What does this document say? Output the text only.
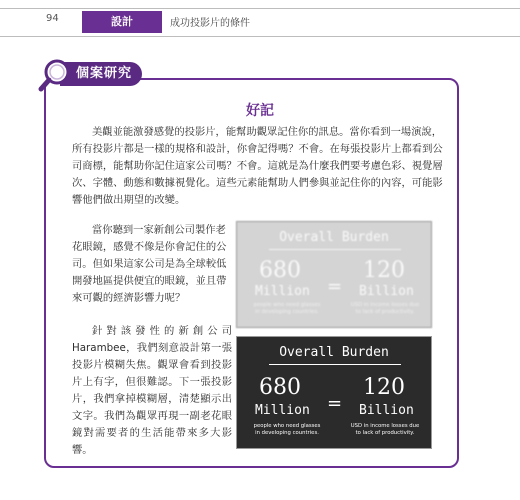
94	設計	成功投影片的條件
個案研究
好記

美觀並能激發感覺的投影片，能幫助觀眾記住你的訊息。當你看到一場演說，所有投影片都是一樣的規格和設計，你會記得嗎？不會。在每張投影片上都看到公司商標，能幫助你記住這家公司嗎？不會。這就是為什麼我們要考慮色彩、視覺層次、字體、動態和數據視覺化。這些元素能幫助人們參與並記住你的內容，可能影響他們做出期望的改變。

當你聽到一家新創公司製作老花眼鏡，感覺不像是你會記住的公司。但如果這家公司是為全球較低開發地區提供便宜的眼鏡，並且帶來可觀的經濟影響力呢？

針對該發性的新創公司Harambee，我們刻意設計第一張投影片模糊失焦。觀眾會看到投影片上有字，但很難認。下一張投影片，我們拿掉模糊層，清楚顯示出文字。我們為觀眾再現一副老花眼鏡對需要者的生活能帶來多大影響。

Overall Burden
680
Million =
120
Billion
people who need glasses in developing countries.
USD in income losses due to lack of productivity.
Overall Burden
680
Million =
120
Billion
people who need glasses in developing countries.
USD in income losses due to lack of productivity.
